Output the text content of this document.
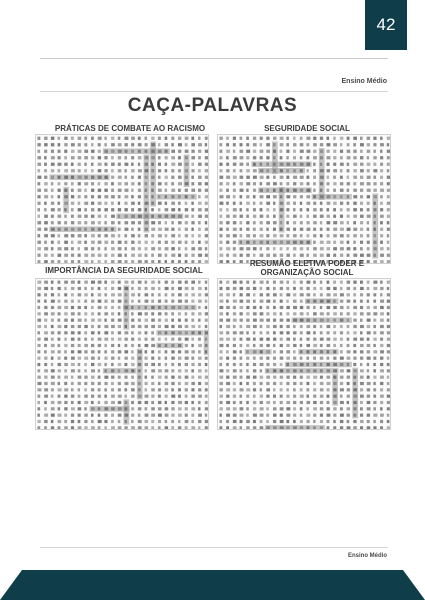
42
Ensino Médio
CAÇA-PALAVRAS
PRÁTICAS DE COMBATE AO RACISMO	SEGURIDADE SOCIAL
IMPORTÂNCIA DA SEGURIDADE SOCIAL
RESUMÃO ELETIVA PODER E ORGANIZAÇÃO SOCIAL
Ensino Médio
